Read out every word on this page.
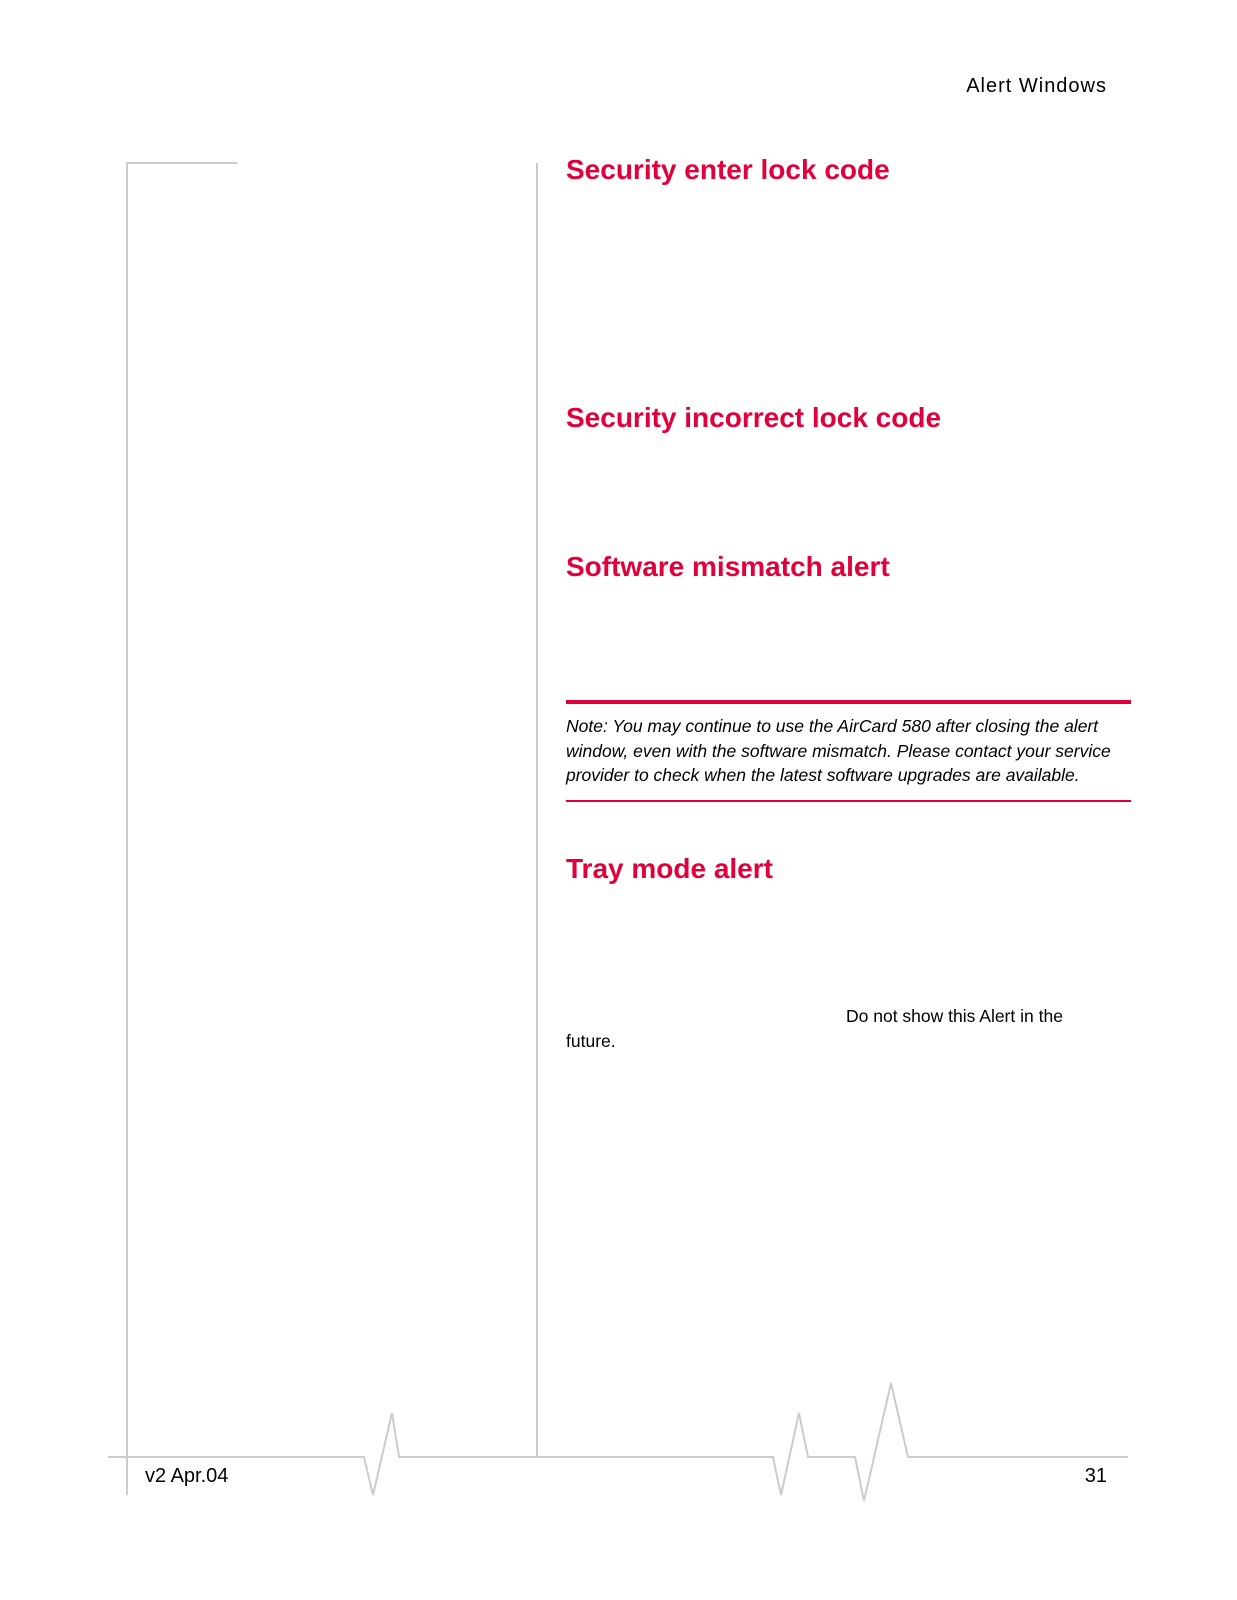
Alert Windows
Security enter lock code
Security incorrect lock code
Software mismatch alert
Note: You may continue to use the AirCard 580 after closing the alert window, even with the software mismatch. Please contact your service provider to check when the latest software upgrades are available.
Tray mode alert
Do not show this Alert in the future.
v2 Apr.04	31
